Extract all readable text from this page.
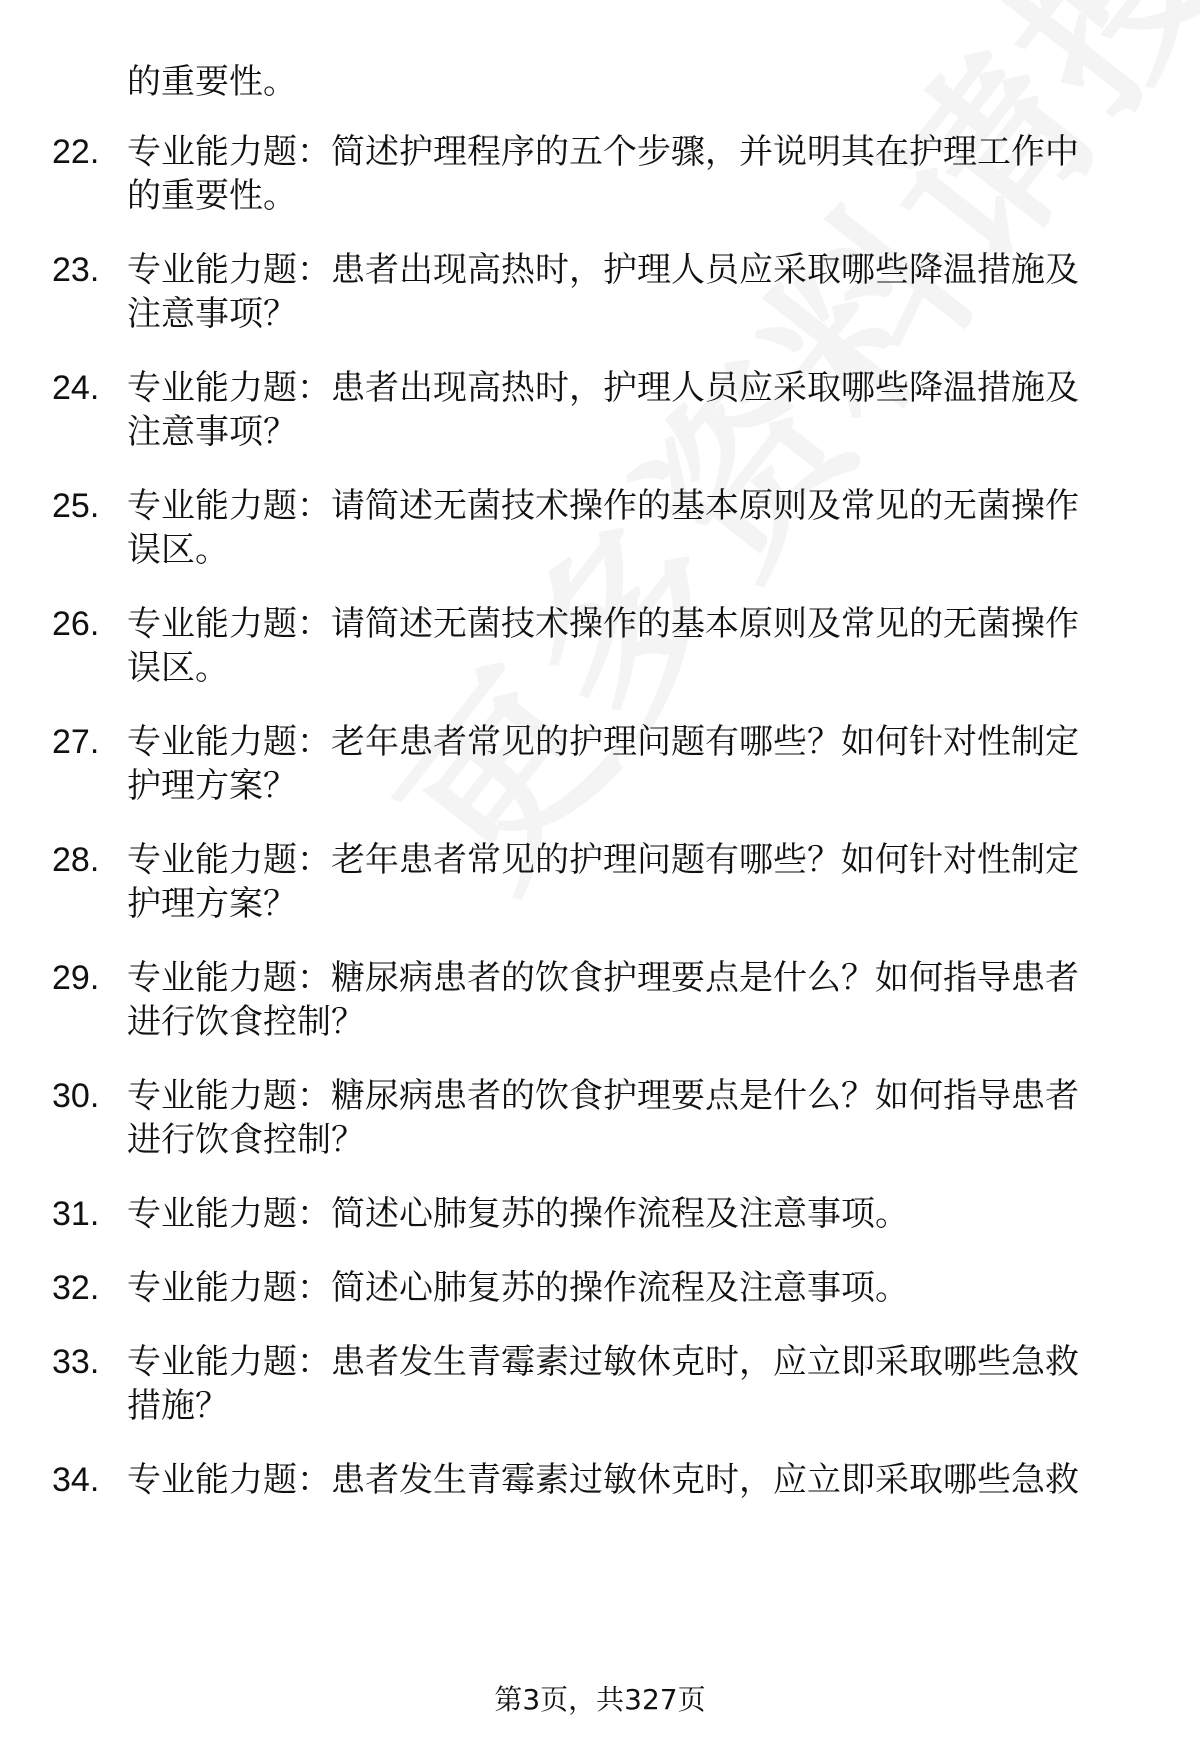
的重要性。
22. 专业能力题：简述护理程序的五个步骤，并说明其在护理工作中
的重要性。
23. 专业能力题：患者出现高热时，护理人员应采取哪些降温措施及
注意事项？
24. 专业能力题：患者出现高热时，护理人员应采取哪些降温措施及
注意事项？
25. 专业能力题：请简述无菌技术操作的基本原则及常见的无菌操作
误区。
26. 专业能力题：请简述无菌技术操作的基本原则及常见的无菌操作
误区。
27. 专业能力题：老年患者常见的护理问题有哪些？如何针对性制定
护理方案？
28. 专业能力题：老年患者常见的护理问题有哪些？如何针对性制定
护理方案？
29. 专业能力题：糖尿病患者的饮食护理要点是什么？如何指导患者
进行饮食控制？
30. 专业能力题：糖尿病患者的饮食护理要点是什么？如何指导患者
进行饮食控制？
31. 专业能力题：简述心肺复苏的操作流程及注意事项。
32. 专业能力题：简述心肺复苏的操作流程及注意事项。
33. 专业能力题：患者发生青霉素过敏休克时，应立即采取哪些急救
措施？
34. 专业能力题：患者发生青霉素过敏休克时，应立即采取哪些急救
第3页，共327页
